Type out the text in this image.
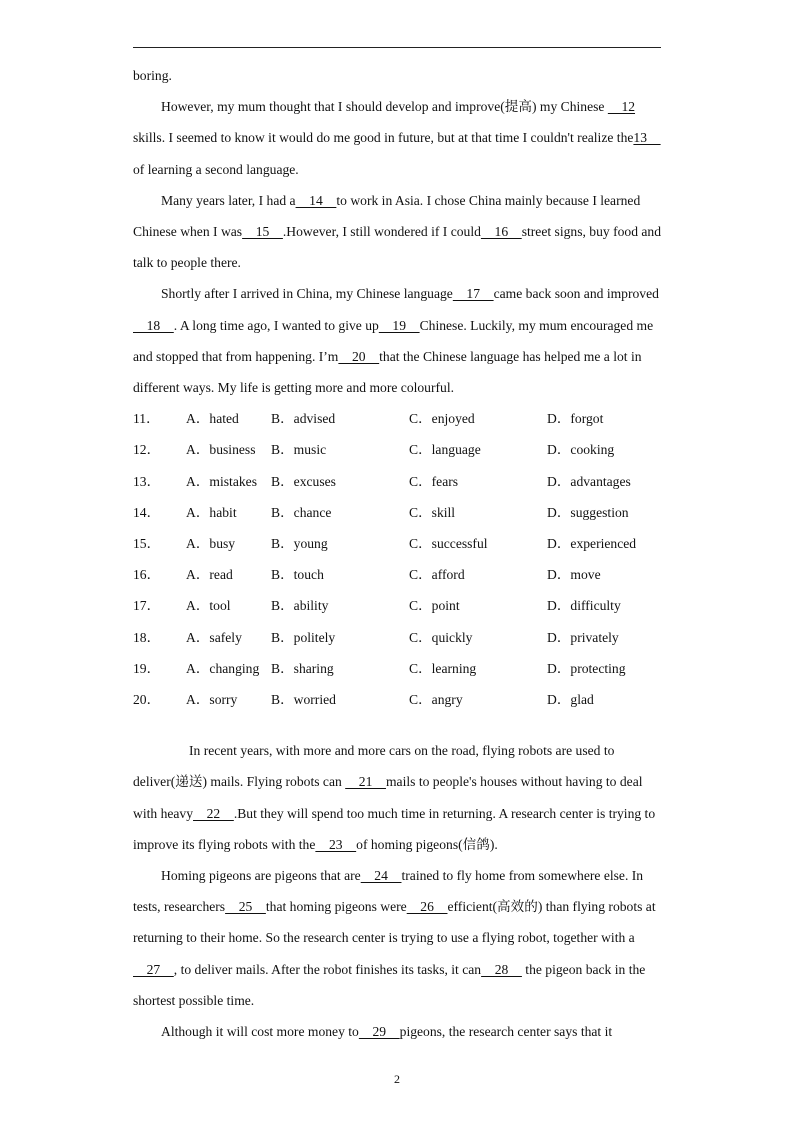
boring.

However, my mum thought that I should develop and improve(提高) my Chinese     12skills. I seemed to know it would do me good in future, but at that time I couldn't realize the13    of learning a second language.

Many years later, I had a    14    to work in Asia. I chose China mainly because I learned Chinese when I was    15    .However, I still wondered if I could    16    street signs, buy food and talk to people there.

Shortly after I arrived in China, my Chinese language    17    came back soon and improved    18    . A long time ago, I wanted to give up    19    Chinese. Luckily, my mum encouraged me and stopped that from happening. I’m    20    that the Chinese language has helped me a lot in different ways. My life is getting more and more colourful.

11．	A．hated	B．advised	C．enjoyed	D．forgot
12．	A．business	B．music	C．language	D．cooking
13．	A．mistakes	B．excuses	C．fears	D．advantages
14．	A．habit	B．chance	C．skill	D．suggestion
15．	A．busy	B．young	C．successful	D．experienced
16．	A．read	B．touch	C．afford	D．move
17．	A．tool	B．ability	C．point	D．difficulty
18．	A．safely	B．politely	C．quickly	D．privately
19．	A．changing B．sharing	C．learning	D．protecting
20．	A．sorry	B．worried	C．angry	D．glad

In recent years, with more and more cars on the road, flying robots are used to deliver(递送) mails. Flying robots can     21    mails to people's houses without having to deal with heavy    22    .But they will spend too much time in returning. A research center is trying to improve its flying robots with the    23    of homing pigeons(信鸽).

Homing pigeons are pigeons that are    24    trained to fly home from somewhere else. In tests, researchers    25    that homing pigeons were    26    efficient(高效的) than flying robots at returning to their home. So the research center is trying to use a flying robot, together with a    27    , to deliver mails. After the robot finishes its tasks, it can    28     the pigeon back in the shortest possible time.

Although it will cost more money to    29    pigeons, the research center says that it

2
